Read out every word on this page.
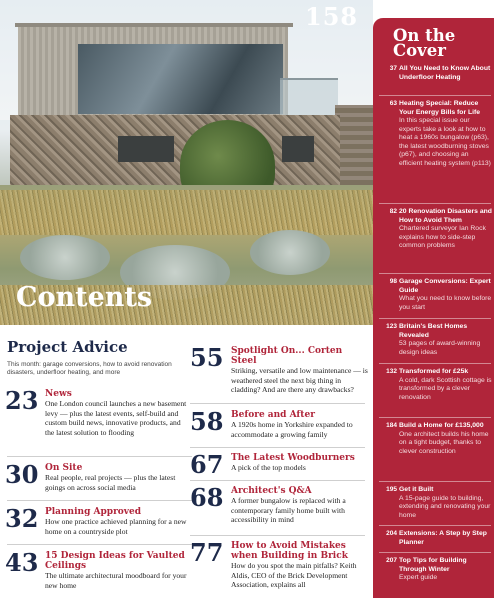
158
Contents
On the
Cover
37 All You Need to Know About Underfloor Heating
63 Heating Special: Reduce Your Energy Bills for Life
In this special issue our experts take a look at how to heat a 1960s bungalow (p63), the latest woodburning stoves (p67), and choosing an efficient heating system (p113)
82 20 Renovation Disasters and How to Avoid Them
Chartered surveyor Ian Rock explains how to side-step common problems
98 Garage Conversions: Expert Guide
What you need to know before you start
123 Britain's Best Homes Revealed
53 pages of award-winning design ideas
132 Transformed for £25k
A cold, dark Scottish cottage is transformed by a clever renovation
184 Build a Home for £135,000
One architect builds his home on a tight budget, thanks to clever construction
195 Get it Built
A 15-page guide to building, extending and renovating your home
204 Extensions: A Step by Step Planner
207 Top Tips for Building Through Winter
Expert guide
Project Advice
This month: garage conversions, how to avoid renovation disasters, underfloor heating, and more
23 News
One London council launches a new basement levy — plus the latest events, self-build and custom build news, innovative products, and the latest solution to flooding
30 On Site
Real people, real projects — plus the latest goings on across social media
32 Planning Approved
How one practice achieved planning for a new home on a countryside plot
43 15 Design Ideas for Vaulted Ceilings
The ultimate architectural moodboard for your new home
55 Spotlight On... Corten Steel
Striking, versatile and low maintenance — is weathered steel the next big thing in cladding? And are there any drawbacks?
58 Before and After
A 1920s home in Yorkshire expanded to accommodate a growing family
67 The Latest Woodburners
A pick of the top models
68 Architect's Q&A
A former bungalow is replaced with a contemporary family home built with accessibility in mind
77 How to Avoid Mistakes when Building in Brick
How do you spot the main pitfalls? Keith Aldis, CEO of the Brick Development Association, explains all
